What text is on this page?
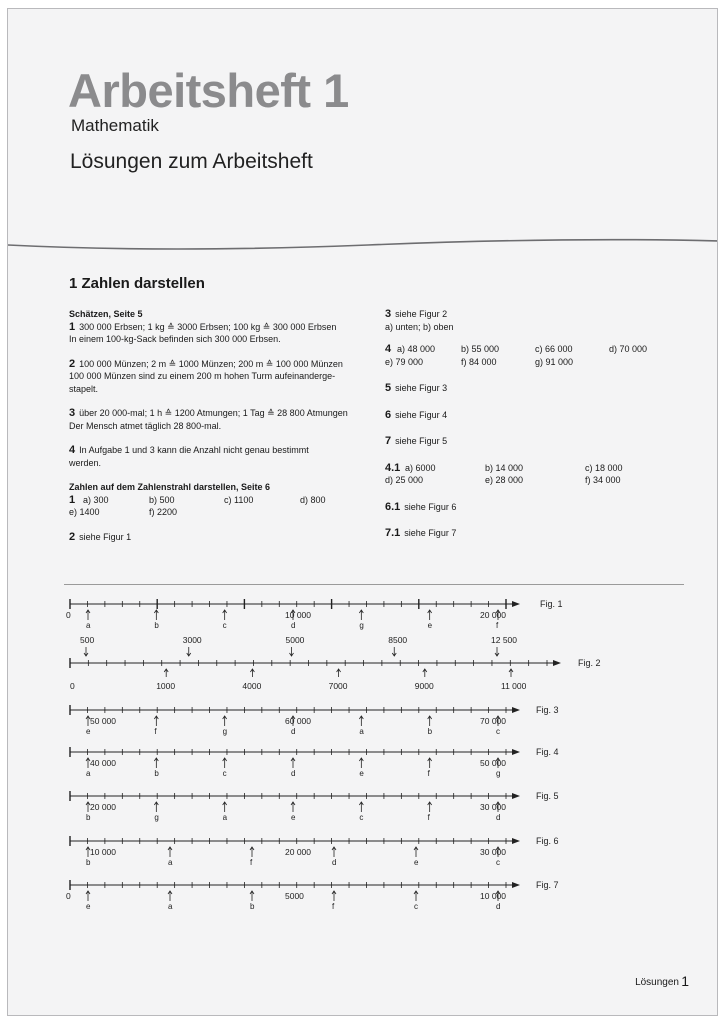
Arbeitsheft 1
Mathematik
Lösungen zum Arbeitsheft
1 Zahlen darstellen

Schätzen, Seite 5

1 300 000 Erbsen; 1 kg ≙ 3000 Erbsen; 100 kg ≙ 300 000 Erbsen

In einem 100-kg-Sack befinden sich 300 000 Erbsen.

2 100 000 Münzen; 2 m ≙ 1000 Münzen; 200 m ≙ 100 000 Münzen

100 000 Münzen sind zu einem 200 m hohen Turm aufeinanderge-

stapelt.

3 über 20 000-mal; 1 h ≙ 1200 Atmungen; 1 Tag ≙ 28 800 Atmungen

Der Mensch atmet täglich 28 800-mal.

4 In Aufgabe 1 und 3 kann die Anzahl nicht genau bestimmt

werden.

Zahlen auf dem Zahlenstrahl darstellen, Seite 6

1 a) 300	b) 500	c) 1100	d) 800
e) 1400	f) 2200

2 siehe Figur 1

3 siehe Figur 2

a) unten; b) oben

4 a) 48 000	b) 55 000	c) 66 000	d) 70 000
e) 79 000	f) 84 000	g) 91 000

5 siehe Figur 3

6 siehe Figur 4

7 siehe Figur 5

4.1 a) 6000	b) 14 000	c) 18 000
d) 25 000	e) 28 000	f) 34 000

6.1 siehe Figur 6

7.1 siehe Figur 7

Fig. 1
0	10 000	20 000
a	b	c	d	g	e	f
Fig. 2
0	1000	4000	7000	9000	11 000
500	3000	5000	8500	12 500
Fig. 3
50 000	60 000	70 000
e	f	g	d	a	b	c
Fig. 4
40 000	50 000
a	b	c	d	e	f	g
Fig. 5
20 000	30 000
b	g	a	e	c	f	d
Fig. 6
10 000	20 000	30 000
b	a	f	d	e	c
Fig. 7
0	5000	10 000
e	a	b	f	c	d
Lösungen 1
